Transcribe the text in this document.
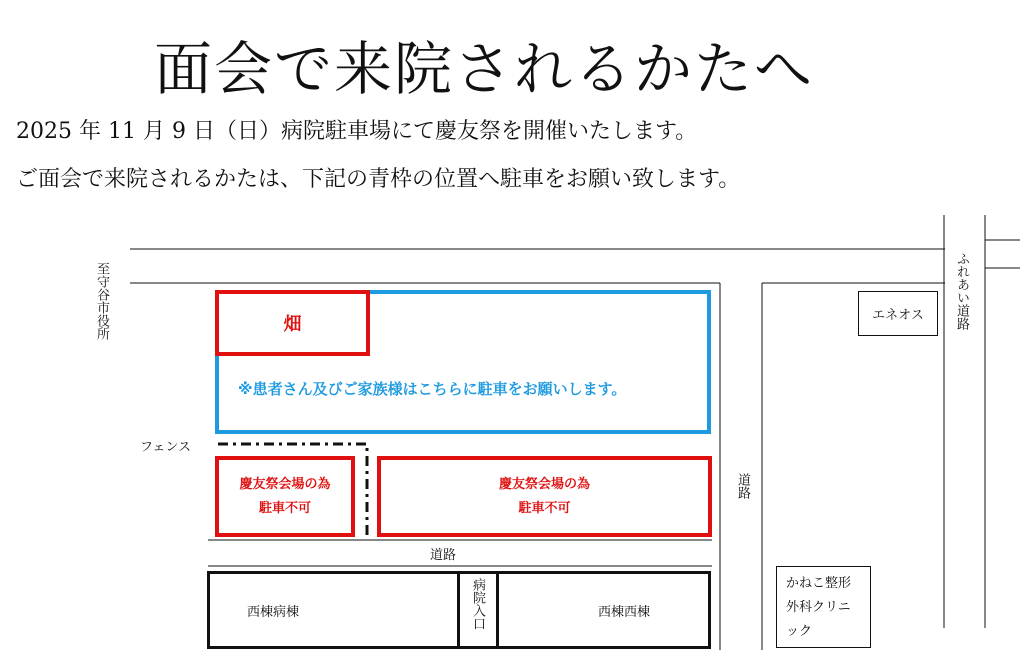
面会で来院されるかたへ
2025 年 11 月 9 日（日）病院駐車場にて慶友祭を開催いたします。
ご面会で来院されるかたは、下記の青枠の位置へ駐車をお願い致します。
至守谷市役所	ふれあい道路
道路
※患者さん及びご家族様はこちらに駐車をお願いします。
畑
フェンス
慶友祭会場の為
駐車不可
慶友祭会場の為
駐車不可
道路
西棟病棟	病院入口	西棟西棟
エネオス
かねこ整形
外科クリニ
ック
